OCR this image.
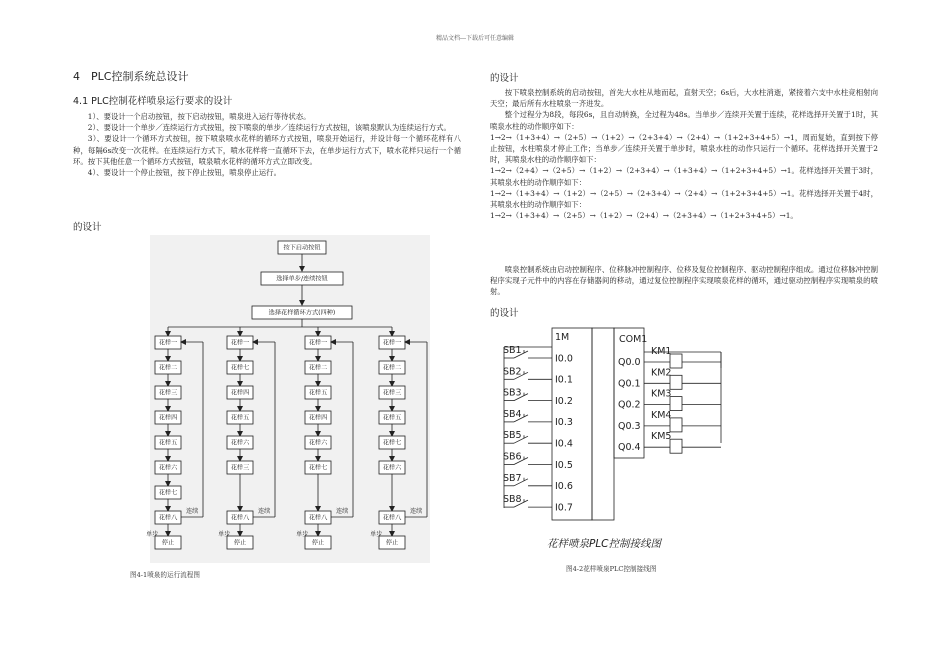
精品文档---下载后可任意编辑
4　PLC控制系统总设计
4.1 PLC控制花样喷泉运行要求的设计
1）、要设计一个启动按钮，按下启动按钮，喷泉进入运行等待状态。
2）、要设计一个单步／连续运行方式按钮，按下喷泉的单步／连续运行方式按钮，该喷泉默认为连续运行方式。
3）、要设计一个循环方式按钮，按下喷泉喷水花样的循环方式按钮，喷泉开始运行，并设计每一个循环花样有八种，每隔6s改变一次花样。在连续运行方式下，喷水花样将一直循环下去，在单步运行方式下，喷水花样只运行一个循环。按下其他任意一个循环方式按钮，喷泉喷水花样的循环方式立即改变。
4）、要设计一个停止按钮，按下停止按钮，喷泉停止运行。
的设计
按下启动按钮
选择单步/连续按钮
选择花样循环方式(四种)
花样一
花样二
花样三
花样四
花样五
花样六
花样七
花样八
连续
单步
停止
花样一
花样七
花样四
花样五
花样六
花样三
花样八
连续
单步
停止
花样一
花样二
花样五
花样四
花样六
花样七
花样八
连续
单步
停止
花样一
花样二
花样三
花样五
花样七
花样六
花样八
连续
单步
停止
图4-1喷泉的运行流程图
的设计
按下喷泉控制系统的启动按钮，首先大水柱从地而起，直射天空；6s后，大水柱消逝，紧接着六支中水柱竞相射向天空；最后所有水柱喷泉一齐进发。
整个过程分为8段，每段6s，且自动转换，全过程为48s。当单步／连续开关置于连续，花样选择开关置于1时，其喷泉水柱的动作顺序如下：
1→2→（1+3+4）→（2+5）→（1+2）→（2+3+4）→（2+4）→（1+2+3+4+5）→1，周而复始，直到按下停止按钮，水柱喷泉才停止工作；当单步／连续开关置于单步时，喷泉水柱的动作只运行一个循环。花样选择开关置于2时，其喷泉水柱的动作顺序如下：
1→2→（2+4）→（2+5）→（1+2）→（2+3+4）→（1+3+4）→（1+2+3+4+5）→1。花样选择开关置于3时，其喷泉水柱的动作顺序如下：
1→2→（1+3+4）→（1+2）→（2+5）→（2+3+4）→（2+4）→（1+2+3+4+5）→1。花样选择开关置于4时，其喷泉水柱的动作顺序如下：
1→2→（1+3+4）→（2+5）→（1+2）→（2+4）→（2+3+4）→（1+2+3+4+5）→1。
喷泉控制系统由启动控制程序、位移脉冲控制程序、位移及复位控制程序、驱动控制程序组成。通过位移脉冲控制程序实现子元件中的内容在存储器间的移动，通过复位控制程序实现喷泉花样的循环，通过驱动控制程序实现喷泉的喷射。
的设计
1M
I0.0
I0.1
I0.2
I0.3
I0.4
I0.5
I0.6
I0.7
SB1
SB2
SB3
SB4
SB5
SB6
SB7
SB8
COM1
Q0.0
Q0.1
Q0.2
Q0.3
Q0.4
KM1
KM2
KM3
KM4
KM5
花样喷泉PLC控制接线图
图4-2花样喷泉PLC控制接线图
